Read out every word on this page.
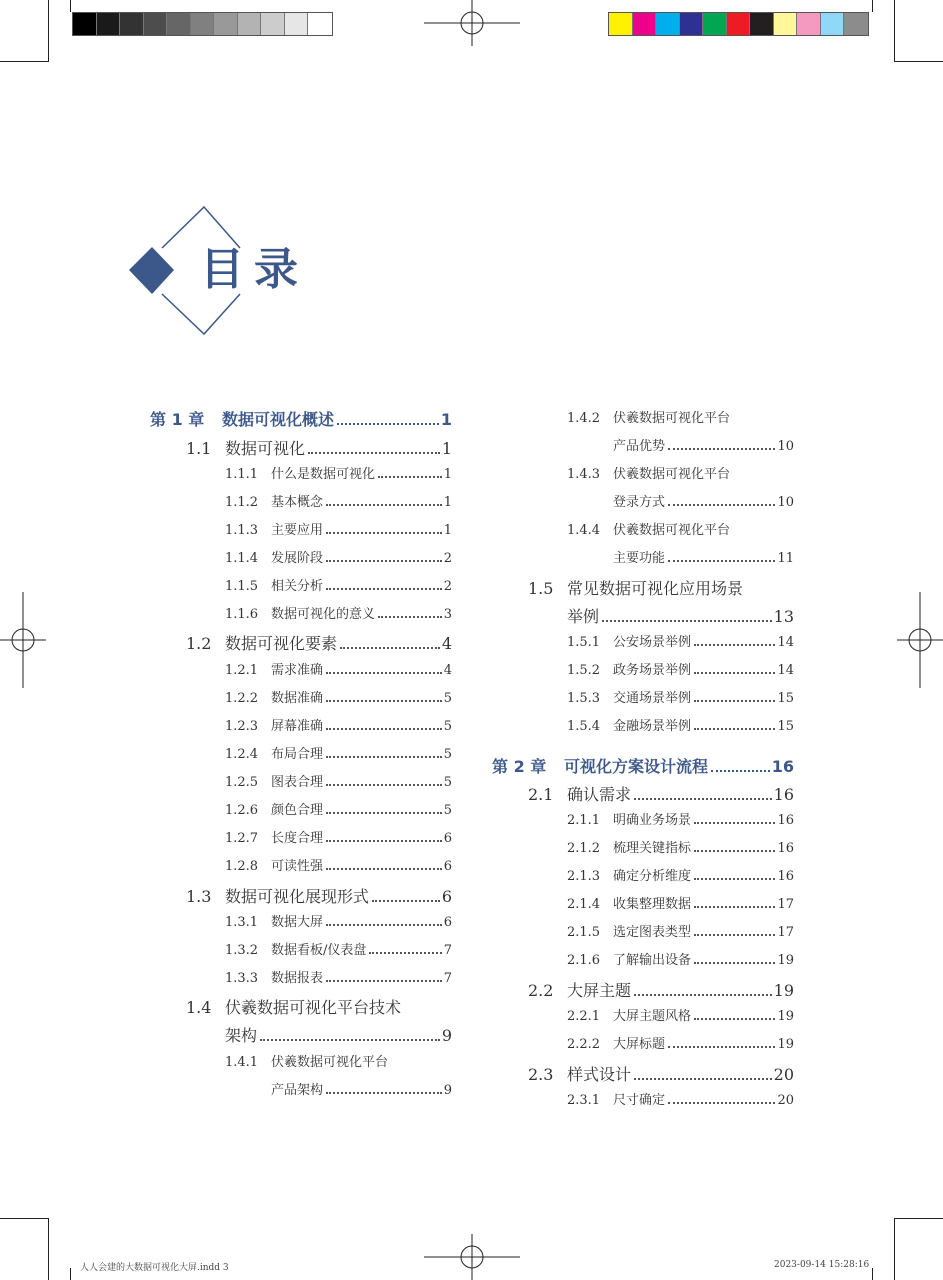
目录
第 1 章	数据可视化概述	1
1.1 数据可视化	1
1.1.1 什么是数据可视化	1
1.1.2 基本概念	1
1.1.3 主要应用	1
1.1.4 发展阶段	2
1.1.5 相关分析	2
1.1.6 数据可视化的意义	3
1.2 数据可视化要素	4
1.2.1 需求准确	4
1.2.2 数据准确	5
1.2.3 屏幕准确	5
1.2.4 布局合理	5
1.2.5 图表合理	5
1.2.6 颜色合理	5
1.2.7 长度合理	6
1.2.8 可读性强	6
1.3 数据可视化展现形式	6
1.3.1 数据大屏	6
1.3.2 数据看板/仪表盘	7
1.3.3 数据报表	7
1.4 伏羲数据可视化平台技术
架构	9
1.4.1 伏羲数据可视化平台
产品架构	9
1.4.2 伏羲数据可视化平台
产品优势	10
1.4.3 伏羲数据可视化平台
登录方式	10
1.4.4 伏羲数据可视化平台
主要功能	11
1.5 常见数据可视化应用场景
举例	13
1.5.1 公安场景举例	14
1.5.2 政务场景举例	14
1.5.3 交通场景举例	15
1.5.4 金融场景举例	15
第 2 章	可视化方案设计流程	16
2.1 确认需求	16
2.1.1 明确业务场景	16
2.1.2 梳理关键指标	16
2.1.3 确定分析维度	16
2.1.4 收集整理数据	17
2.1.5 选定图表类型	17
2.1.6 了解输出设备	19
2.2 大屏主题	19
2.2.1 大屏主题风格	19
2.2.2 大屏标题	19
2.3 样式设计	20
2.3.1 尺寸确定	20
人人会建的大数据可视化大屏.indd 3	2023-09-14 15:28:16
